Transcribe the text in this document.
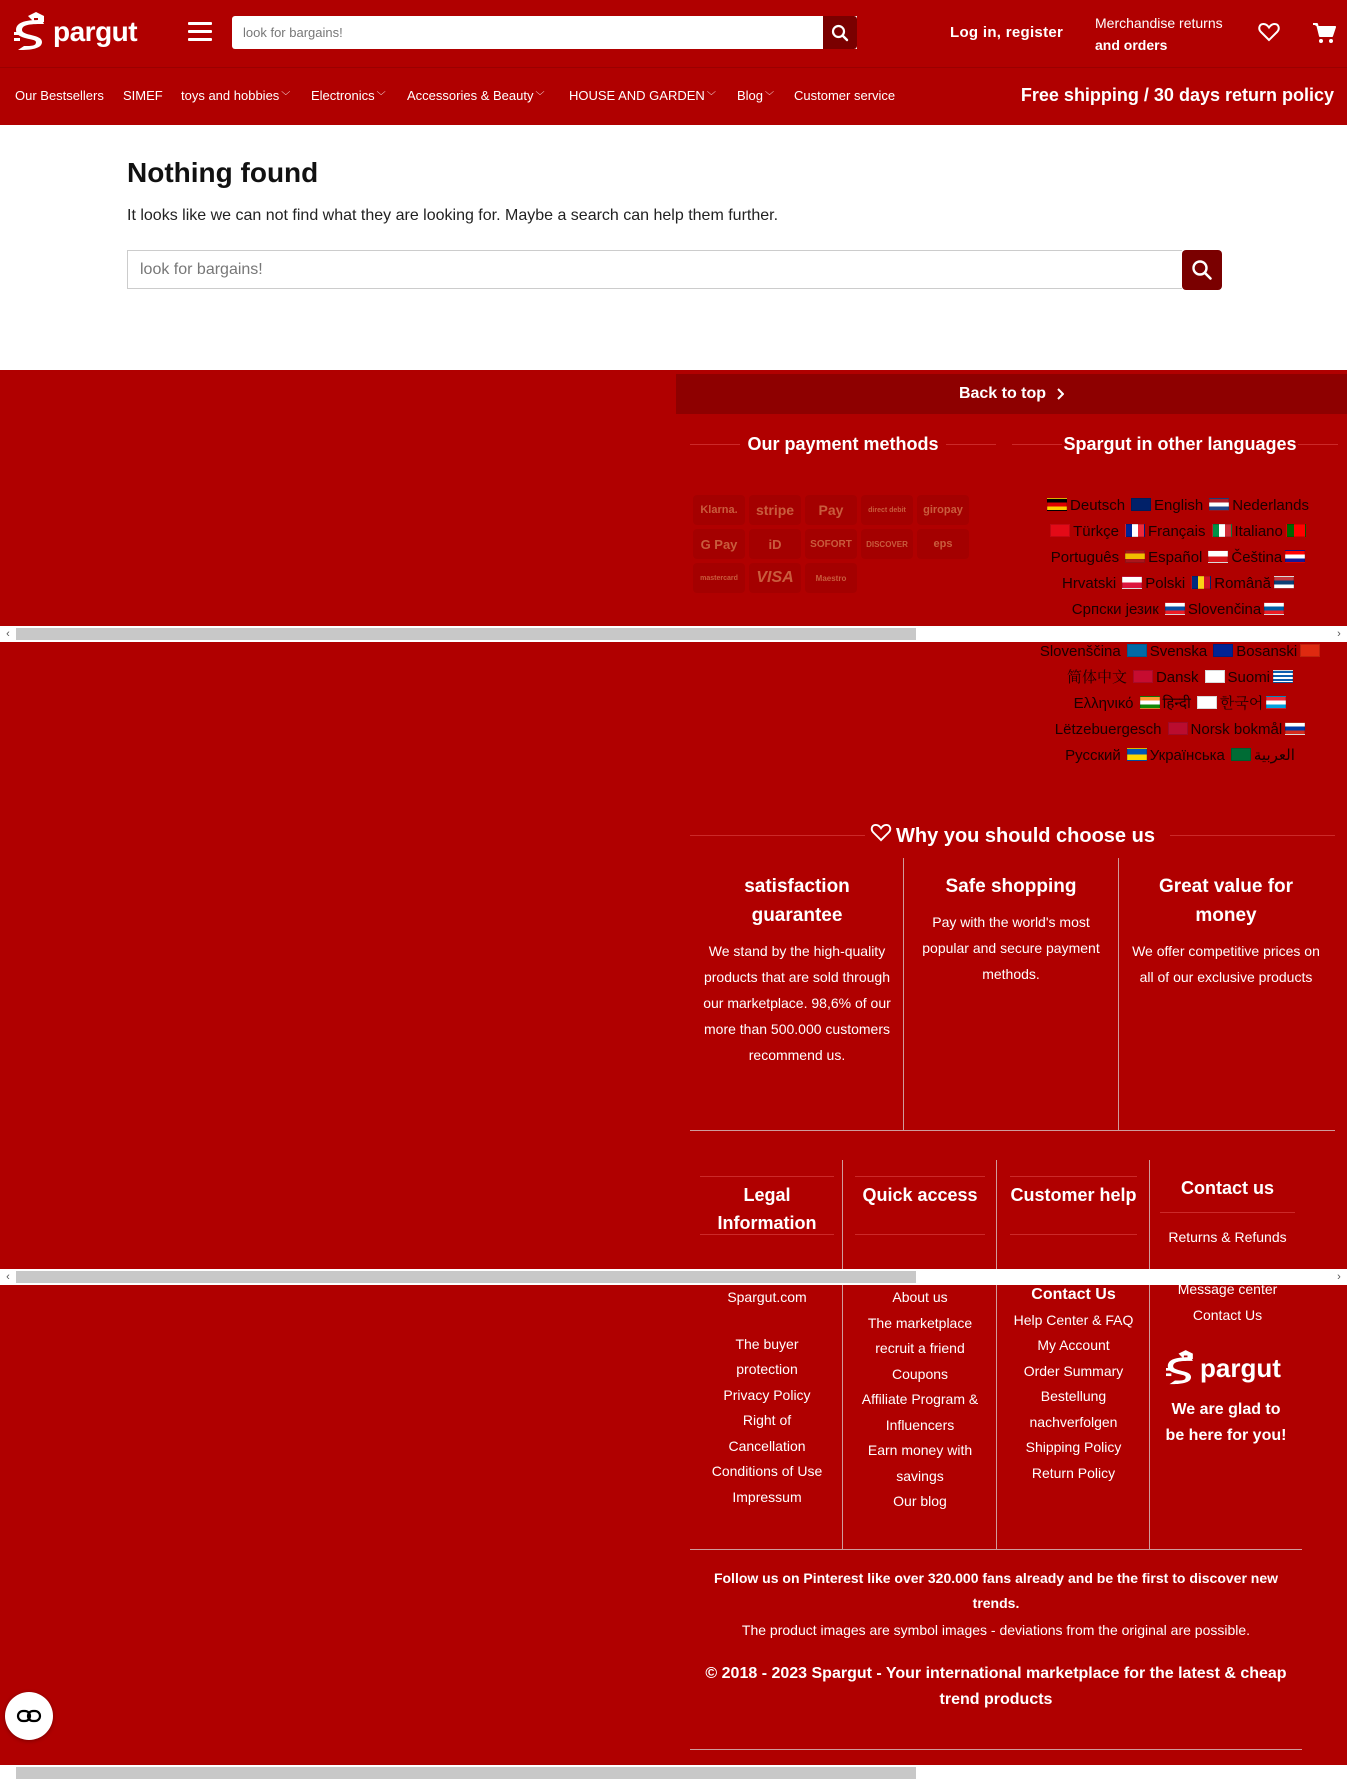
pargut	look for bargains!	Log in, register
Merchandise returns
and orders
Our Bestsellers SIMEF toys and hobbies ﹀ Electronics ﹀ Accessories & Beauty ﹀ HOUSE AND GARDEN ﹀ Blog ﹀ Customer service	Free shipping / 30 days return policy
Nothing found

It looks like we can not find what they are looking for. Maybe a search can help them further.

look for bargains!
Back to top
Our payment methods
Klarna.	stripe	Pay	direct debit	giropay
G Pay	iD	SOFORT	DISCOVER	eps
mastercard	VISA	Maestro
Spargut in other languages
Deutsch English Nederlands
Türkçe Français Italiano
Português Español Čeština
Hrvatski Polski Română
Српски језик Slovenčina
‹	›
Slovenščina Svenska Bosanski
简体中文 Dansk Suomi
Ελληνικό हिन्दी 한국어
Lëtzebuergesch Norsk bokmål
Русский Українська العربية
Why you should choose us
satisfaction guarantee

We stand by the high-quality products that are sold through our marketplace. 98,6% of our more than 500.000 customers recommend us.

Safe shopping

Pay with the world's most popular and secure payment methods.

Great value for money

We offer competitive prices on all of our exclusive products

Legal Information
Quick access	Customer help	Contact us
Returns & Refunds
‹	›
Spargut.com
The buyer protection
Privacy Policy
Right of Cancellation
Conditions of Use
Impressum
About us
The marketplace
recruit a friend
Coupons
Affiliate Program & Influencers
Earn money with savings
Our blog
Contact Us
Help Center & FAQ
My Account
Order Summary
Bestellung nachverfolgen
Shipping Policy
Return Policy
Message center
Contact Us
pargut
We are glad to be here for you!
Follow us on Pinterest like over 320.000 fans already and be the first to discover new trends.
The product images are symbol images - deviations from the original are possible.
© 2018 - 2023 Spargut - Your international marketplace for the latest & cheap trend products
